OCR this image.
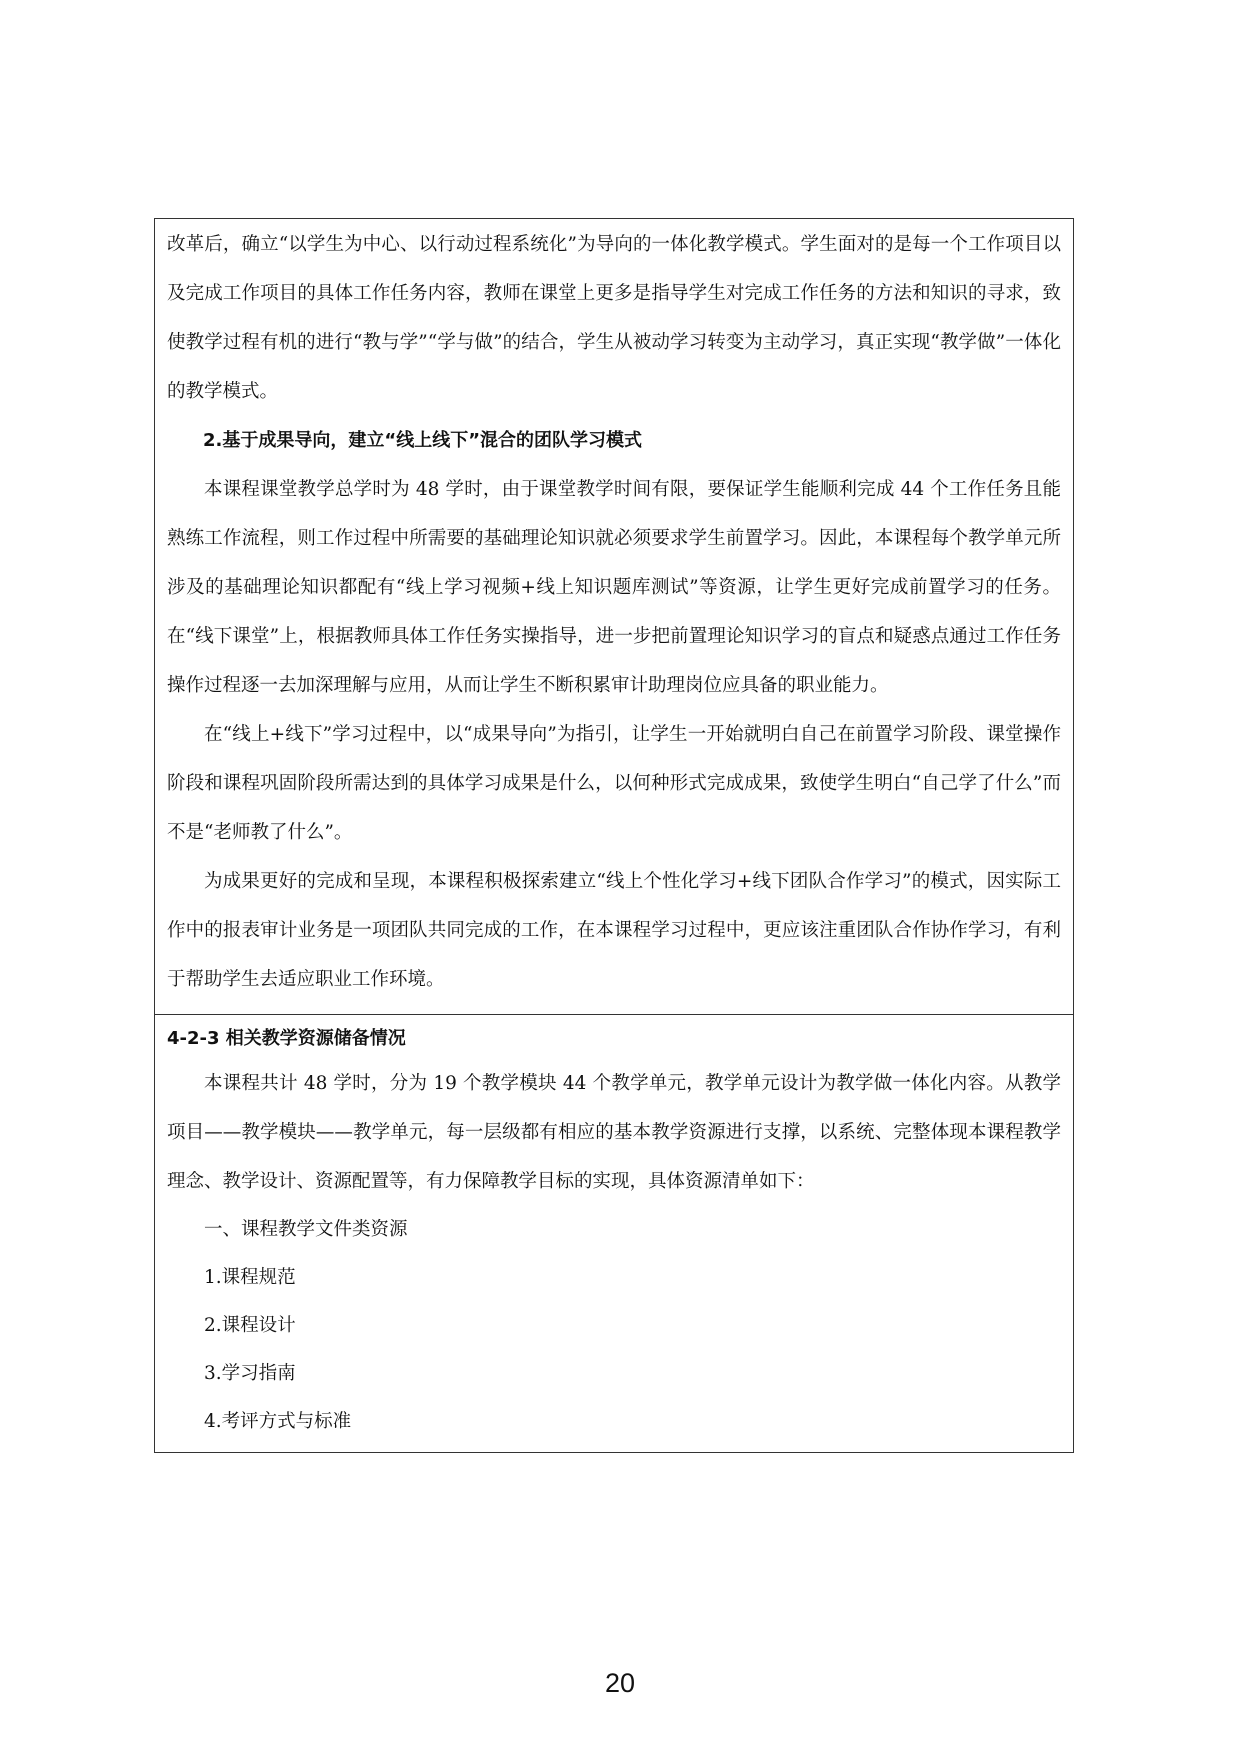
改革后，确立“以学生为中心、以行动过程系统化”为导向的一体化教学模式。学生面对的是每一个工作项目以及完成工作项目的具体工作任务内容，教师在课堂上更多是指导学生对完成工作任务的方法和知识的寻求，致使教学过程有机的进行“教与学”“学与做”的结合，学生从被动学习转变为主动学习，真正实现“教学做”一体化的教学模式。

2.基于成果导向，建立“线上线下”混合的团队学习模式

本课程课堂教学总学时为 48 学时，由于课堂教学时间有限，要保证学生能顺利完成 44 个工作任务且能熟练工作流程，则工作过程中所需要的基础理论知识就必须要求学生前置学习。因此，本课程每个教学单元所涉及的基础理论知识都配有“线上学习视频+线上知识题库测试”等资源，让学生更好完成前置学习的任务。在“线下课堂”上，根据教师具体工作任务实操指导，进一步把前置理论知识学习的盲点和疑惑点通过工作任务操作过程逐一去加深理解与应用，从而让学生不断积累审计助理岗位应具备的职业能力。

在“线上+线下”学习过程中，以“成果导向”为指引，让学生一开始就明白自己在前置学习阶段、课堂操作阶段和课程巩固阶段所需达到的具体学习成果是什么，以何种形式完成成果，致使学生明白“自己学了什么”而不是“老师教了什么”。

为成果更好的完成和呈现，本课程积极探索建立“线上个性化学习+线下团队合作学习”的模式，因实际工作中的报表审计业务是一项团队共同完成的工作，在本课程学习过程中，更应该注重团队合作协作学习，有利于帮助学生去适应职业工作环境。

4-2-3 相关教学资源储备情况

本课程共计 48 学时，分为 19 个教学模块 44 个教学单元，教学单元设计为教学做一体化内容。从教学项目——教学模块——教学单元，每一层级都有相应的基本教学资源进行支撑，以系统、完整体现本课程教学理念、教学设计、资源配置等，有力保障教学目标的实现，具体资源清单如下：

一、课程教学文件类资源

1.课程规范

2.课程设计

3.学习指南

4.考评方式与标准

20
